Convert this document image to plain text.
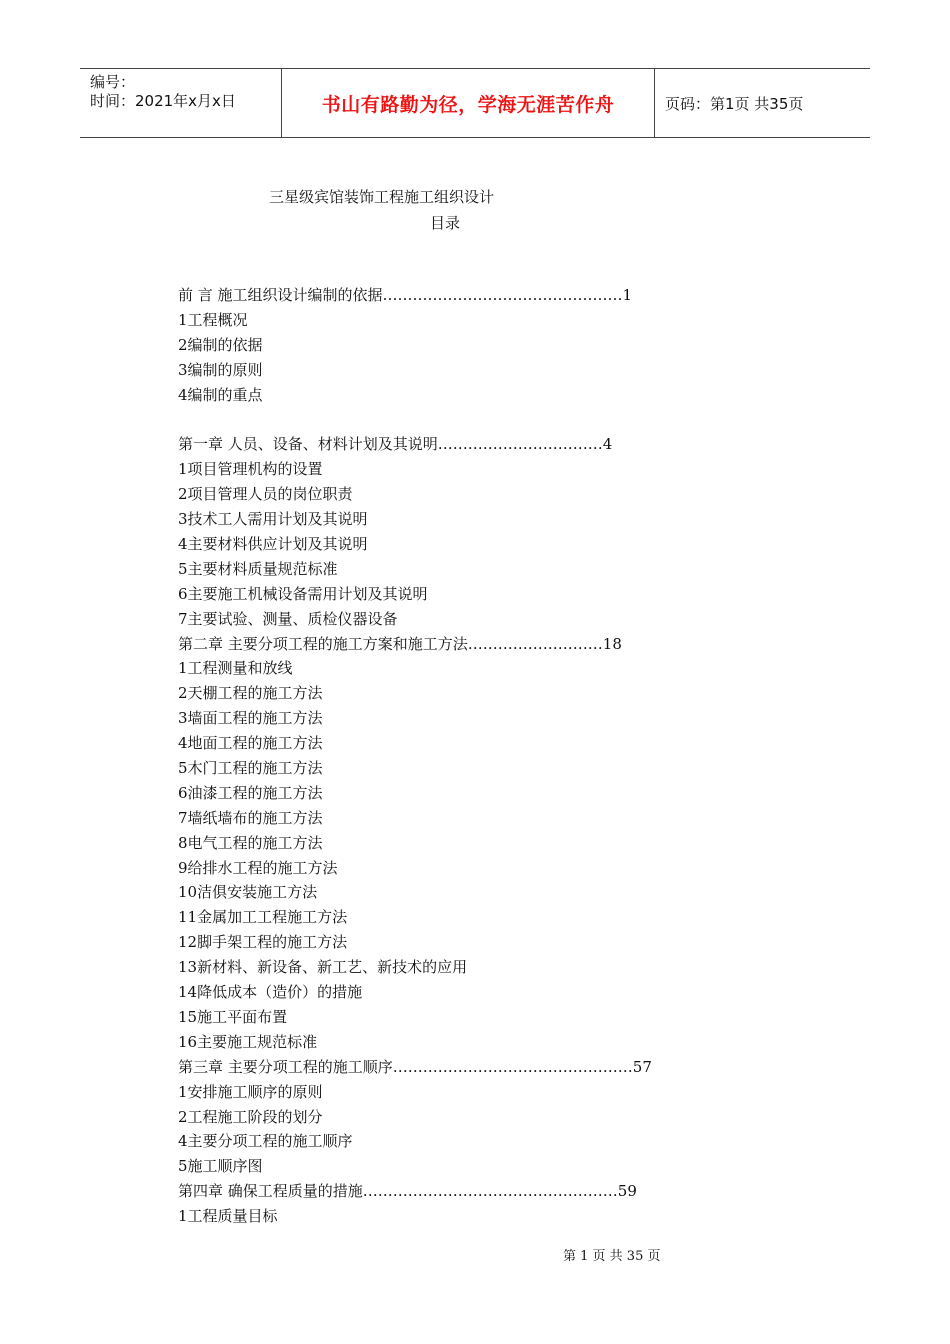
编号：
时间：2021年x月x日	书山有路勤为径，学海无涯苦作舟	页码：第1页 共35页
三星级宾馆装饰工程施工组织设计
目录
前 言 施工组织设计编制的依据…………………………………………1
1工程概况
2编制的依据
3编制的原则
4编制的重点
第一章 人员、设备、材料计划及其说明……………………………4
1项目管理机构的设置
2项目管理人员的岗位职责
3技术工人需用计划及其说明
4主要材料供应计划及其说明
5主要材料质量规范标准
6主要施工机械设备需用计划及其说明
7主要试验、测量、质检仪器设备
第二章 主要分项工程的施工方案和施工方法………………………18
1工程测量和放线
2天棚工程的施工方法
3墙面工程的施工方法
4地面工程的施工方法
5木门工程的施工方法
6油漆工程的施工方法
7墙纸墙布的施工方法
8电气工程的施工方法
9给排水工程的施工方法
10洁俱安装施工方法
11金属加工工程施工方法
12脚手架工程的施工方法
13新材料、新设备、新工艺、新技术的应用
14降低成本（造价）的措施
15施工平面布置
16主要施工规范标准
第三章 主要分项工程的施工顺序…………………………………………57
1安排施工顺序的原则
2工程施工阶段的划分
4主要分项工程的施工顺序
5施工顺序图
第四章 确保工程质量的措施……………………………………………59
1工程质量目标
第 1 页 共 35 页
